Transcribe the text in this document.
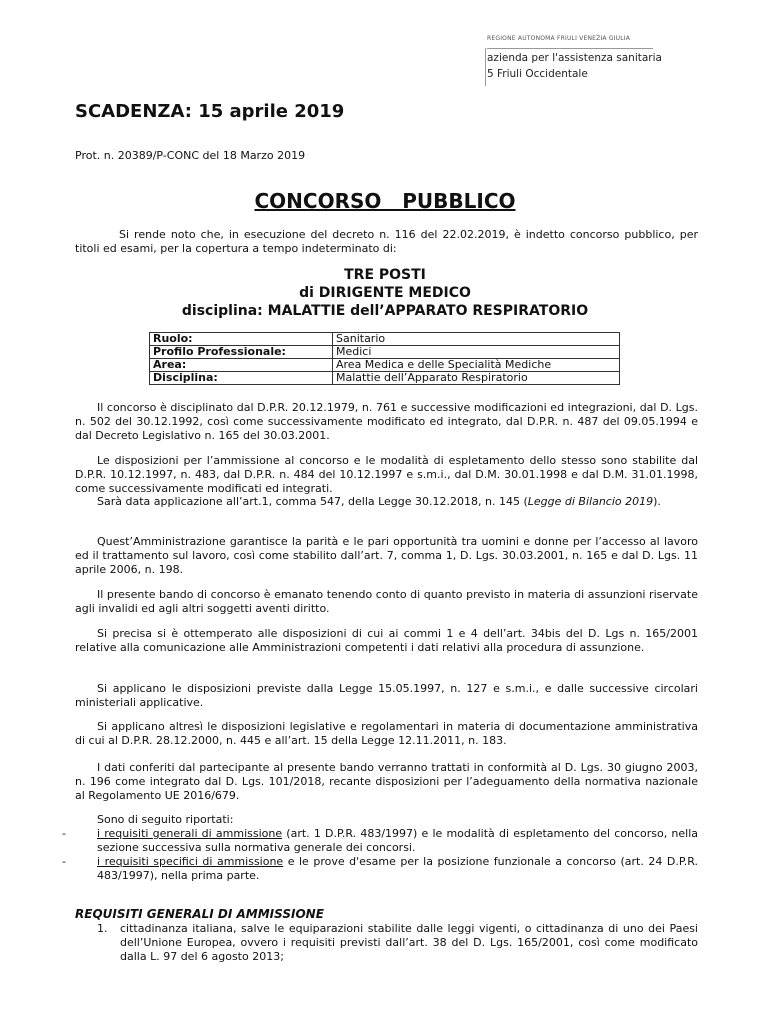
REGIONE AUTONOMA FRIULI VENEZIA GIULIA
azienda per l'assistenza sanitaria
5 Friuli Occidentale
SCADENZA: 15 aprile 2019
Prot. n. 20389/P-CONC del 18 Marzo 2019
CONCORSO   PUBBLICO
Si rende noto che, in esecuzione del decreto n. 116 del 22.02.2019, è indetto concorso pubblico, per titoli ed esami, per la copertura a tempo indeterminato di:
TRE POSTI
di DIRIGENTE MEDICO
disciplina: MALATTIE dell’APPARATO RESPIRATORIO
Ruolo:	Sanitario
Profilo Professionale:	Medici
Area:	Area Medica e delle Specialità Mediche
Disciplina:	Malattie dell’Apparato Respiratorio
Il concorso è disciplinato dal D.P.R. 20.12.1979, n. 761 e successive modificazioni ed integrazioni, dal D. Lgs. n. 502 del 30.12.1992, così come successivamente modificato ed integrato, dal D.P.R. n. 487 del 09.05.1994 e dal Decreto Legislativo n. 165 del 30.03.2001.
Le disposizioni per l’ammissione al concorso e le modalità di espletamento dello stesso sono stabilite dal D.P.R. 10.12.1997, n. 483, dal D.P.R. n. 484 del 10.12.1997 e s.m.i., dal D.M. 30.01.1998 e dal D.M. 31.01.1998, come successivamente modificati ed integrati.
Sarà data applicazione all’art.1, comma 547, della Legge 30.12.2018, n. 145 (Legge di Bilancio 2019).
Quest’Amministrazione garantisce la parità e le pari opportunità tra uomini e donne per l’accesso al lavoro ed il trattamento sul lavoro, così come stabilito dall’art. 7, comma 1, D. Lgs. 30.03.2001, n. 165 e dal D. Lgs. 11 aprile 2006, n. 198.
Il presente bando di concorso è emanato tenendo conto di quanto previsto in materia di assunzioni riservate agli invalidi ed agli altri soggetti aventi diritto.
Si precisa si è ottemperato alle disposizioni di cui ai commi 1 e 4 dell’art. 34bis del D. Lgs n. 165/2001 relative alla comunicazione alle Amministrazioni competenti i dati relativi alla procedura di assunzione.
Si applicano le disposizioni previste dalla Legge 15.05.1997, n. 127 e s.m.i., e dalle successive circolari ministeriali applicative.
Si applicano altresì le disposizioni legislative e regolamentari in materia di documentazione amministrativa di cui al D.P.R. 28.12.2000, n. 445 e all’art. 15 della Legge 12.11.2011, n. 183.
I dati conferiti dal partecipante al presente bando verranno trattati in conformità al D. Lgs. 30 giugno 2003, n. 196 come integrato dal D. Lgs. 101/2018, recante disposizioni per l’adeguamento della normativa nazionale al Regolamento UE 2016/679.
Sono di seguito riportati:
-	i requisiti generali di ammissione (art. 1 D.P.R. 483/1997) e le modalità di espletamento del concorso, nella sezione successiva sulla normativa generale dei concorsi.
-	i requisiti specifici di ammissione e le prove d'esame per la posizione funzionale a concorso (art. 24 D.P.R. 483/1997), nella prima parte.
REQUISITI GENERALI DI AMMISSIONE
1. cittadinanza italiana, salve le equiparazioni stabilite dalle leggi vigenti, o cittadinanza di uno dei Paesi dell’Unione Europea, ovvero i requisiti previsti dall’art. 38 del D. Lgs. 165/2001, così come modificato dalla L. 97 del 6 agosto 2013;
